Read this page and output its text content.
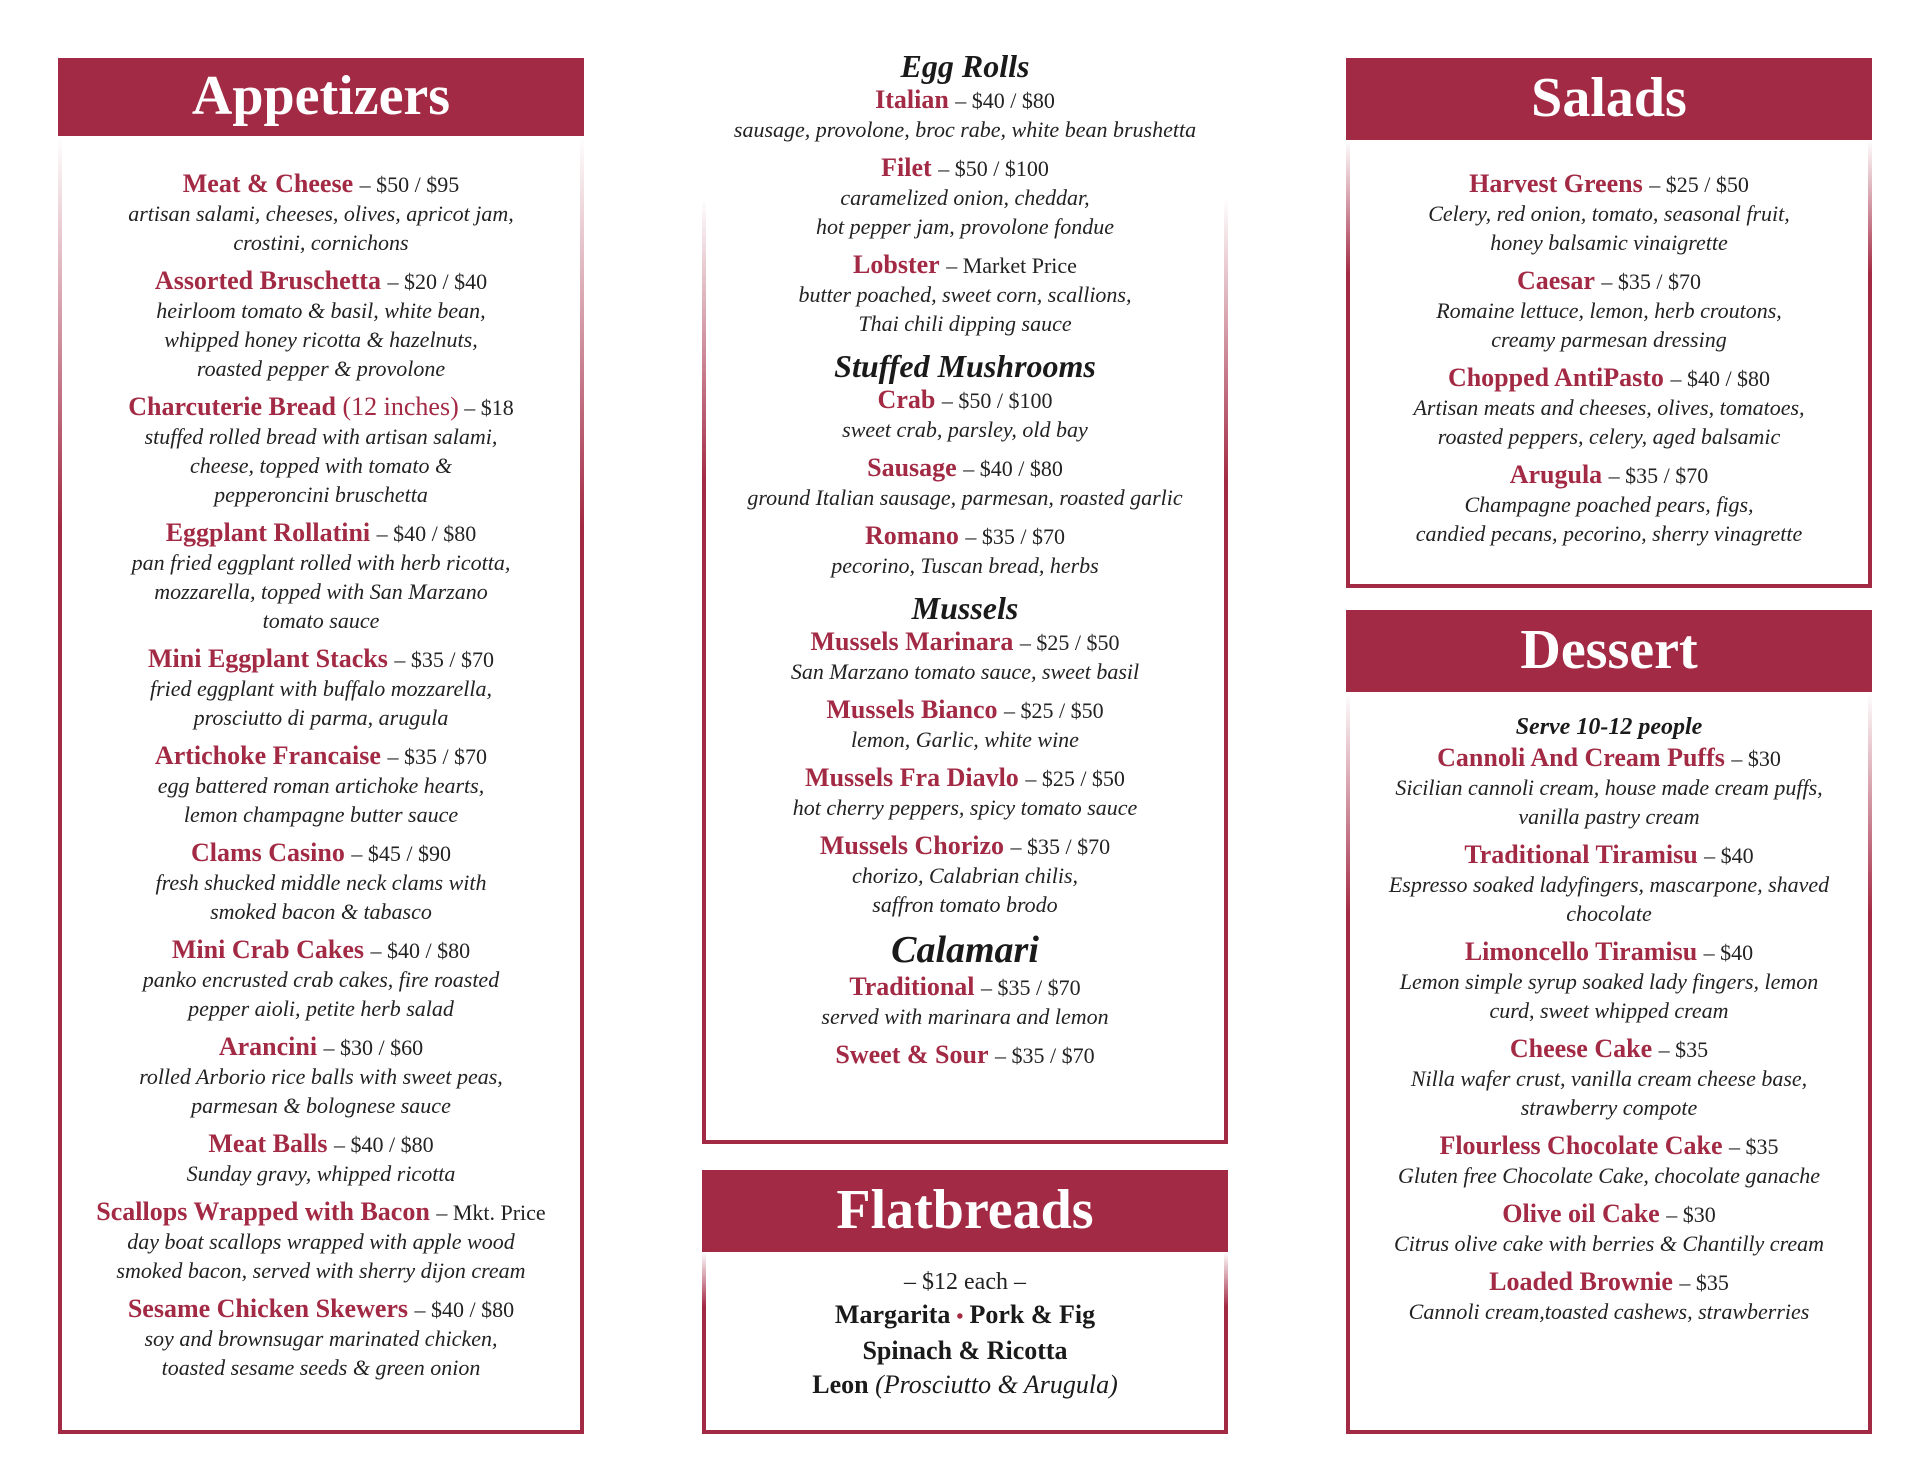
Appetizers
Meat & Cheese – $50 / $95
artisan salami, cheeses, olives, apricot jam,
crostini, cornichons
Assorted Bruschetta – $20 / $40
heirloom tomato & basil, white bean,
whipped honey ricotta & hazelnuts,
roasted pepper & provolone
Charcuterie Bread (12 inches) – $18
stuffed rolled bread with artisan salami,
cheese, topped with tomato &
pepperoncini bruschetta
Eggplant Rollatini – $40 / $80
pan fried eggplant rolled with herb ricotta,
mozzarella, topped with San Marzano
tomato sauce
Mini Eggplant Stacks – $35 / $70
fried eggplant with buffalo mozzarella,
prosciutto di parma, arugula
Artichoke Francaise – $35 / $70
egg battered roman artichoke hearts,
lemon champagne butter sauce
Clams Casino – $45 / $90
fresh shucked middle neck clams with
smoked bacon & tabasco
Mini Crab Cakes – $40 / $80
panko encrusted crab cakes, fire roasted
pepper aioli, petite herb salad
Arancini – $30 / $60
rolled Arborio rice balls with sweet peas,
parmesan & bolognese sauce
Meat Balls – $40 / $80
Sunday gravy, whipped ricotta
Scallops Wrapped with Bacon – Mkt. Price
day boat scallops wrapped with apple wood
smoked bacon, served with sherry dijon cream
Sesame Chicken Skewers – $40 / $80
soy and brownsugar marinated chicken,
toasted sesame seeds & green onion
Egg Rolls
Italian – $40 / $80
sausage, provolone, broc rabe, white bean brushetta
Filet – $50 / $100
caramelized onion, cheddar,
hot pepper jam, provolone fondue
Lobster – Market Price
butter poached, sweet corn, scallions,
Thai chili dipping sauce
Stuffed Mushrooms
Crab – $50 / $100
sweet crab, parsley, old bay
Sausage – $40 / $80
ground Italian sausage, parmesan, roasted garlic
Romano – $35 / $70
pecorino, Tuscan bread, herbs
Mussels
Mussels Marinara – $25 / $50
San Marzano tomato sauce, sweet basil
Mussels Bianco – $25 / $50
lemon, Garlic, white wine
Mussels Fra Diavlo – $25 / $50
hot cherry peppers, spicy tomato sauce
Mussels Chorizo – $35 / $70
chorizo, Calabrian chilis,
saffron tomato brodo
Calamari
Traditional – $35 / $70
served with marinara and lemon
Sweet & Sour – $35 / $70
Flatbreads
– $12 each –
Margarita • Pork & Fig
Spinach & Ricotta
Leon (Prosciutto & Arugula)
Salads
Harvest Greens – $25 / $50
Celery, red onion, tomato, seasonal fruit,
honey balsamic vinaigrette
Caesar – $35 / $70
Romaine lettuce, lemon, herb croutons,
creamy parmesan dressing
Chopped AntiPasto – $40 / $80
Artisan meats and cheeses, olives, tomatoes,
roasted peppers, celery, aged balsamic
Arugula – $35 / $70
Champagne poached pears, figs,
candied pecans, pecorino, sherry vinagrette
Dessert
Serve 10-12 people
Cannoli And Cream Puffs – $30
Sicilian cannoli cream, house made cream puffs,
vanilla pastry cream
Traditional Tiramisu – $40
Espresso soaked ladyfingers, mascarpone, shaved
chocolate
Limoncello Tiramisu – $40
Lemon simple syrup soaked lady fingers, lemon
curd, sweet whipped cream
Cheese Cake – $35
Nilla wafer crust, vanilla cream cheese base,
strawberry compote
Flourless Chocolate Cake – $35
Gluten free Chocolate Cake, chocolate ganache
Olive oil Cake – $30
Citrus olive cake with berries & Chantilly cream
Loaded Brownie – $35
Cannoli cream,toasted cashews, strawberries
